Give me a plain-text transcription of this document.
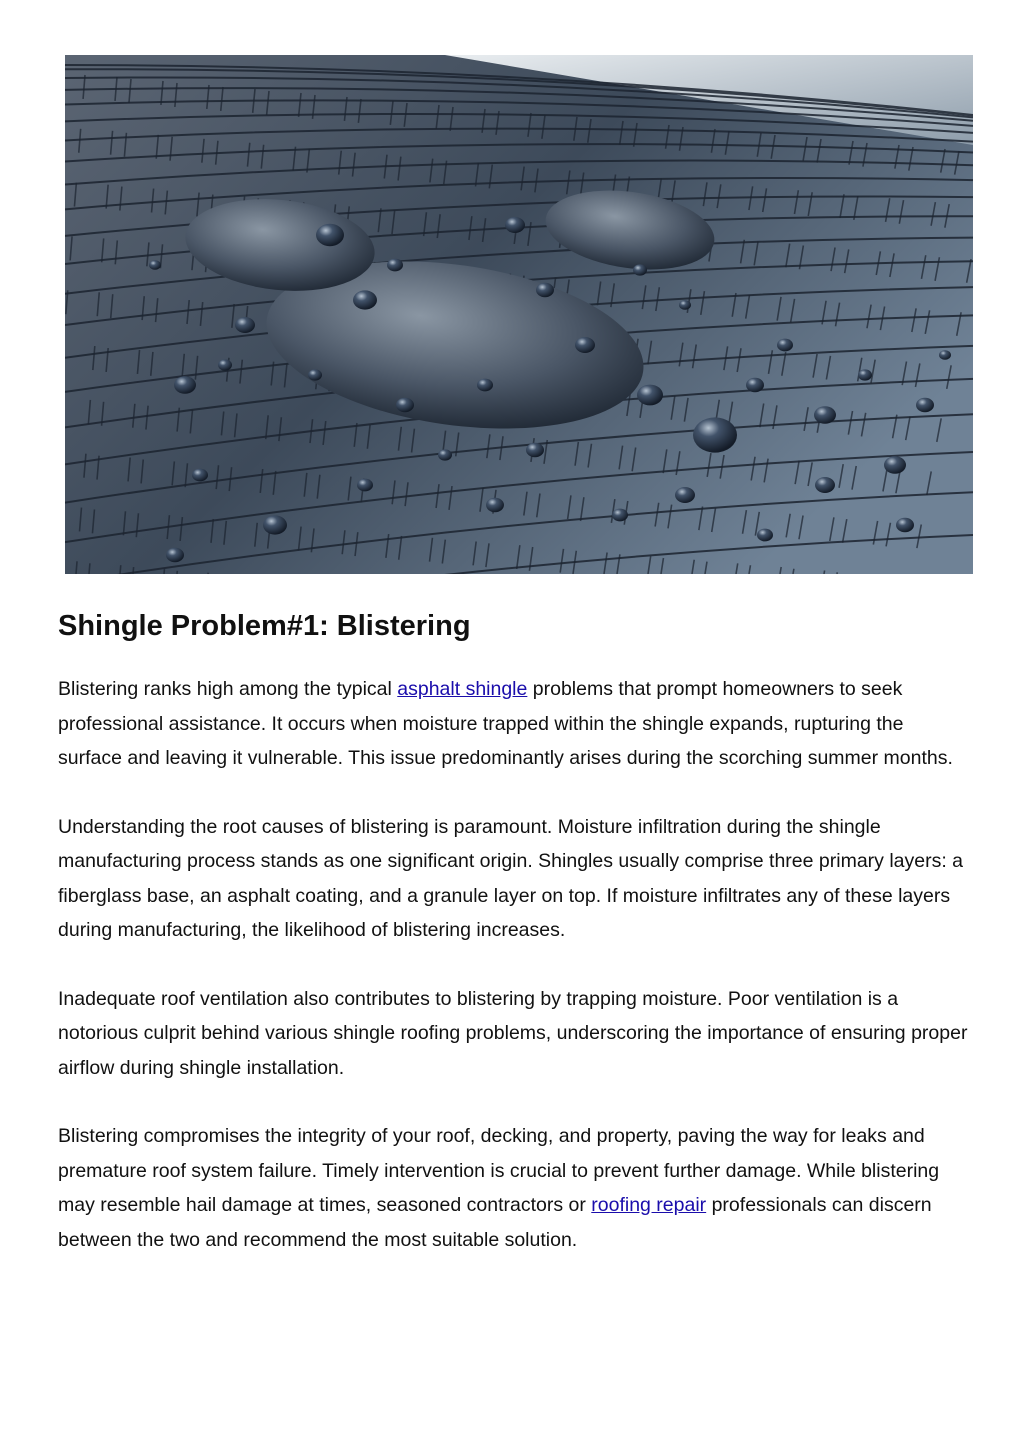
Shingle Problem#1: Blistering

Blistering ranks high among the typical asphalt shingle problems that prompt homeowners to seek professional assistance. It occurs when moisture trapped within the shingle expands, rupturing the surface and leaving it vulnerable. This issue predominantly arises during the scorching summer months.

Understanding the root causes of blistering is paramount. Moisture infiltration during the shingle manufacturing process stands as one significant origin. Shingles usually comprise three primary layers: a fiberglass base, an asphalt coating, and a granule layer on top. If moisture infiltrates any of these layers during manufacturing, the likelihood of blistering increases.

Inadequate roof ventilation also contributes to blistering by trapping moisture. Poor ventilation is a notorious culprit behind various shingle roofing problems, underscoring the importance of ensuring proper airflow during shingle installation.

Blistering compromises the integrity of your roof, decking, and property, paving the way for leaks and premature roof system failure. Timely intervention is crucial to prevent further damage. While blistering may resemble hail damage at times, seasoned contractors or roofing repair professionals can discern between the two and recommend the most suitable solution.
